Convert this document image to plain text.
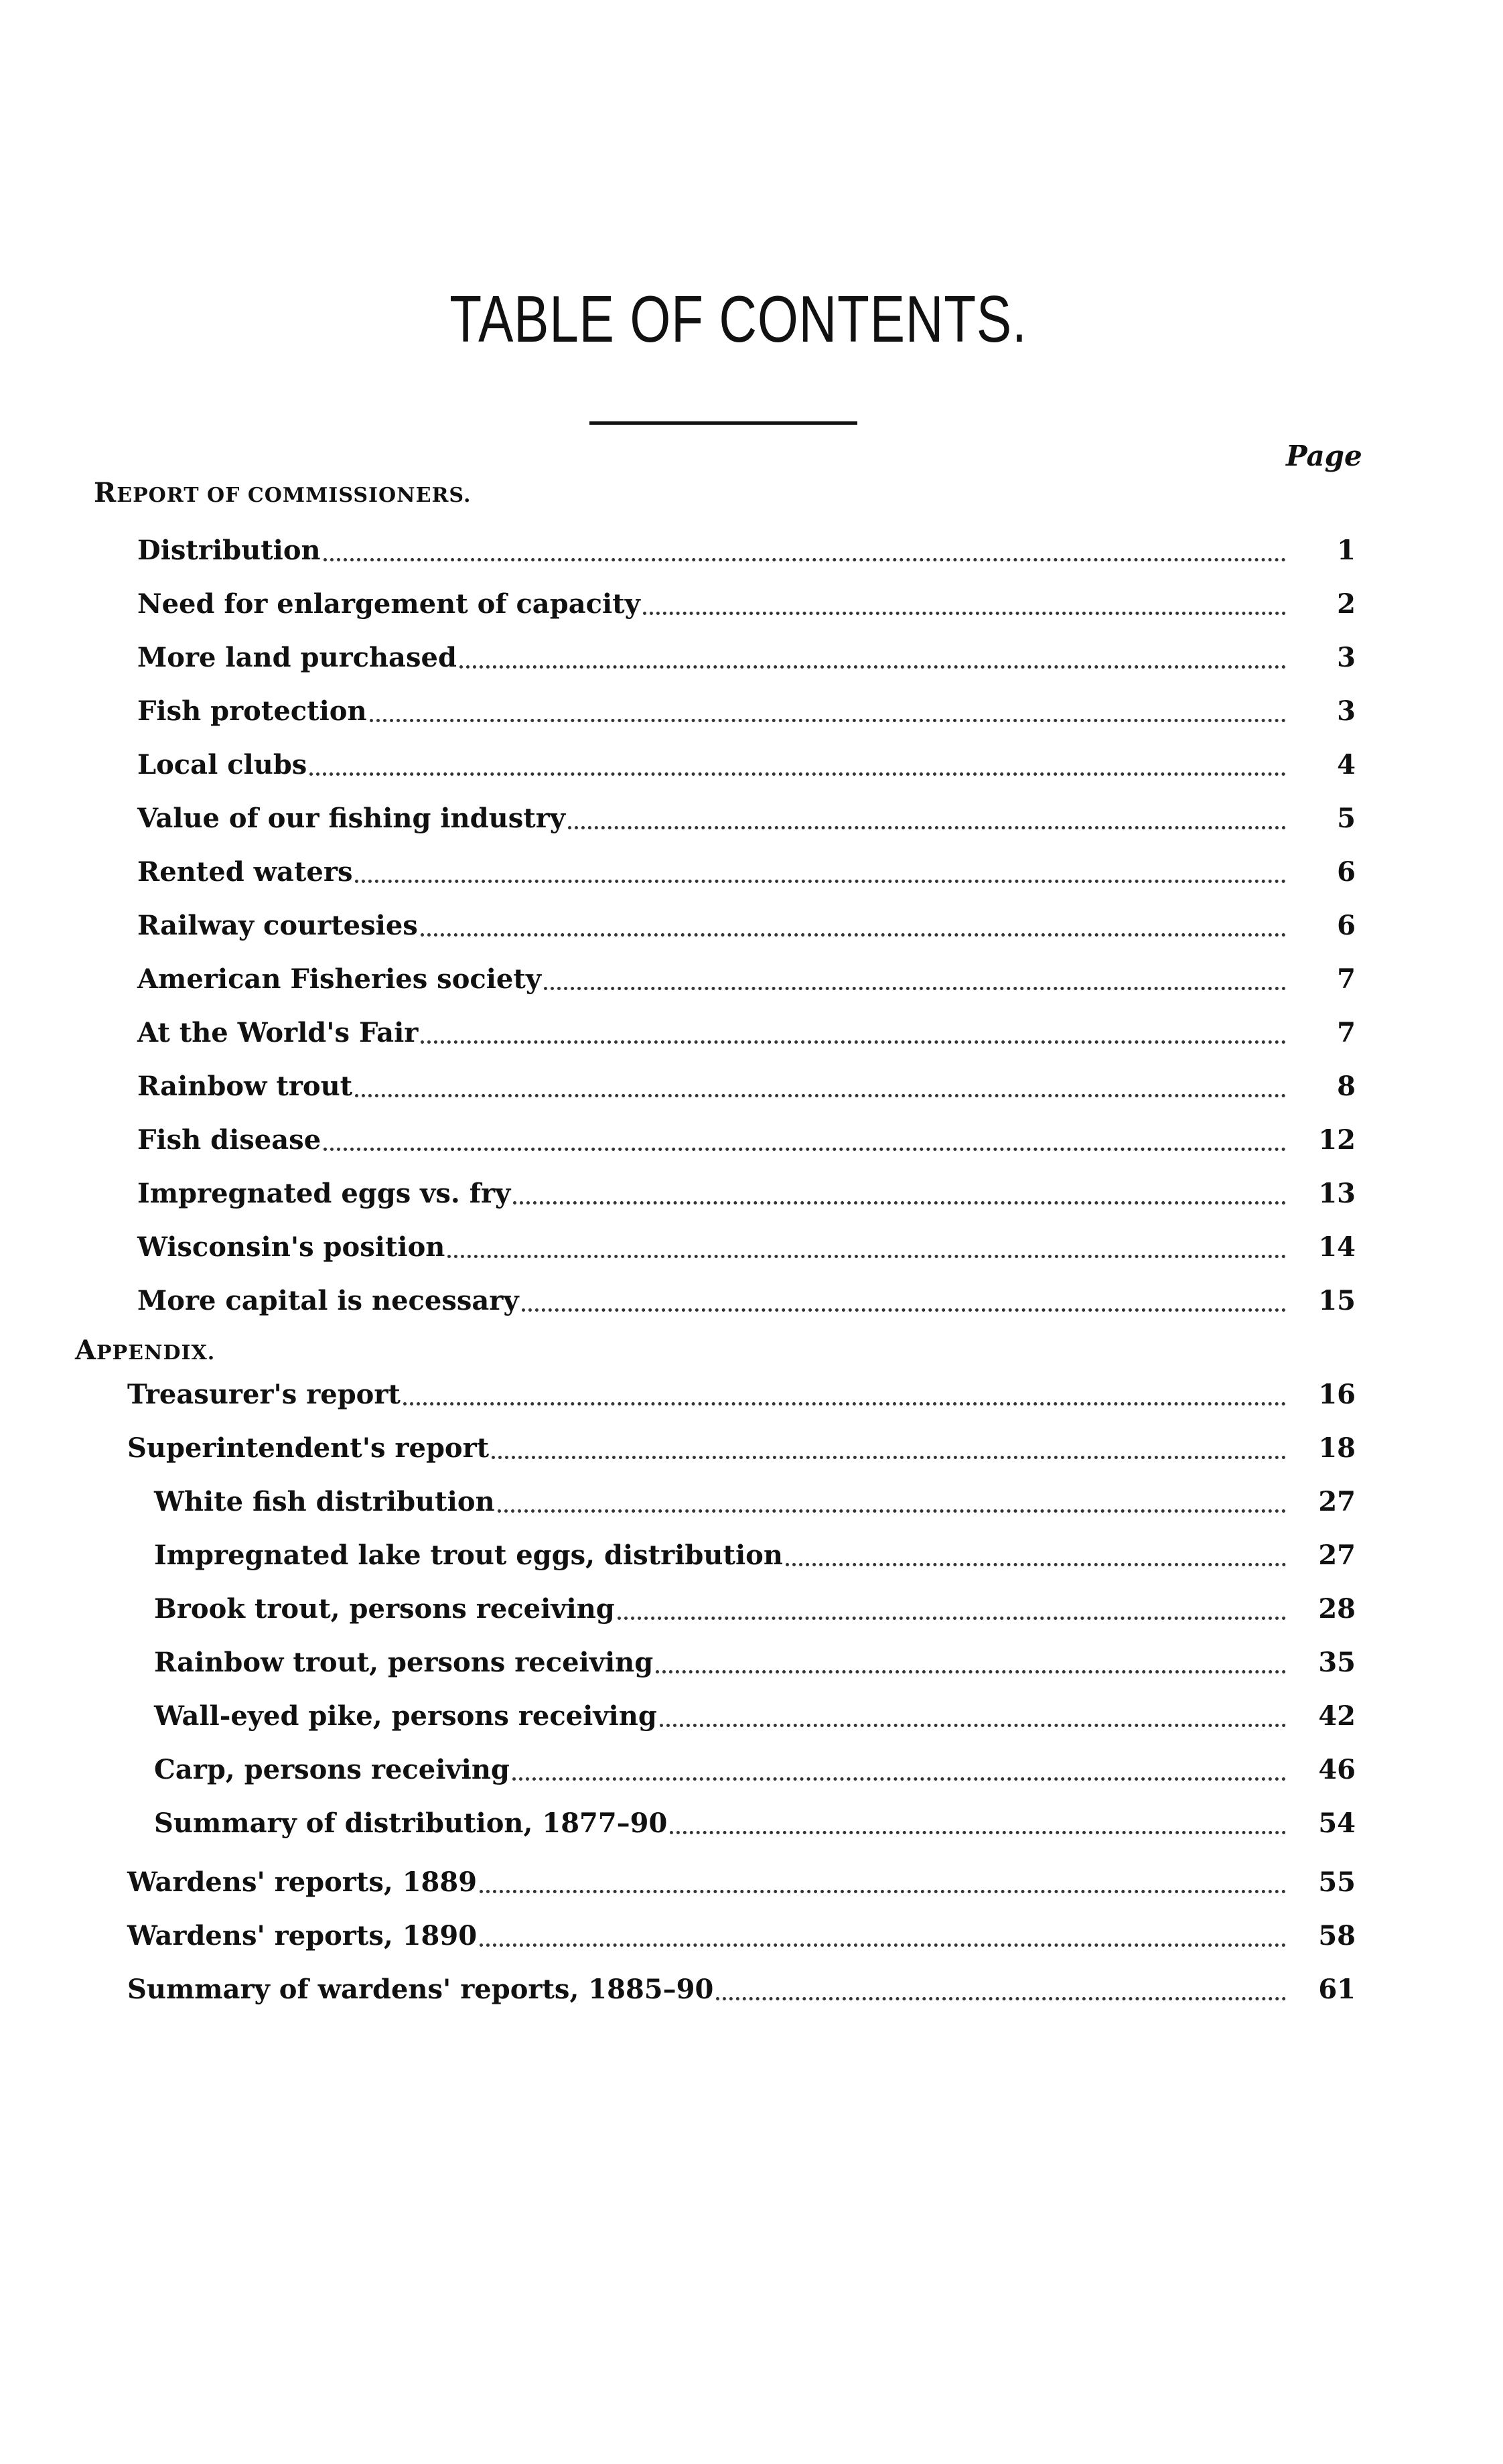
TABLE OF CONTENTS.
Page
REPORT OF COMMISSIONERS.
Distribution	1
Need for enlargement of capacity	2
More land purchased	3
Fish protection	3
Local clubs	4
Value of our fishing industry	5
Rented waters	6
Railway courtesies	6
American Fisheries society	7
At the World's Fair	7
Rainbow trout	8
Fish disease	12
Impregnated eggs vs. fry	13
Wisconsin's position	14
More capital is necessary	15
APPENDIX.
Treasurer's report	16
Superintendent's report	18
White fish distribution	27
Impregnated lake trout eggs, distribution	27
Brook trout, persons receiving	28
Rainbow trout, persons receiving	35
Wall-eyed pike, persons receiving	42
Carp, persons receiving	46
Summary of distribution, 1877–90	54
Wardens' reports, 1889	55
Wardens' reports, 1890	58
Summary of wardens' reports, 1885–90	61
